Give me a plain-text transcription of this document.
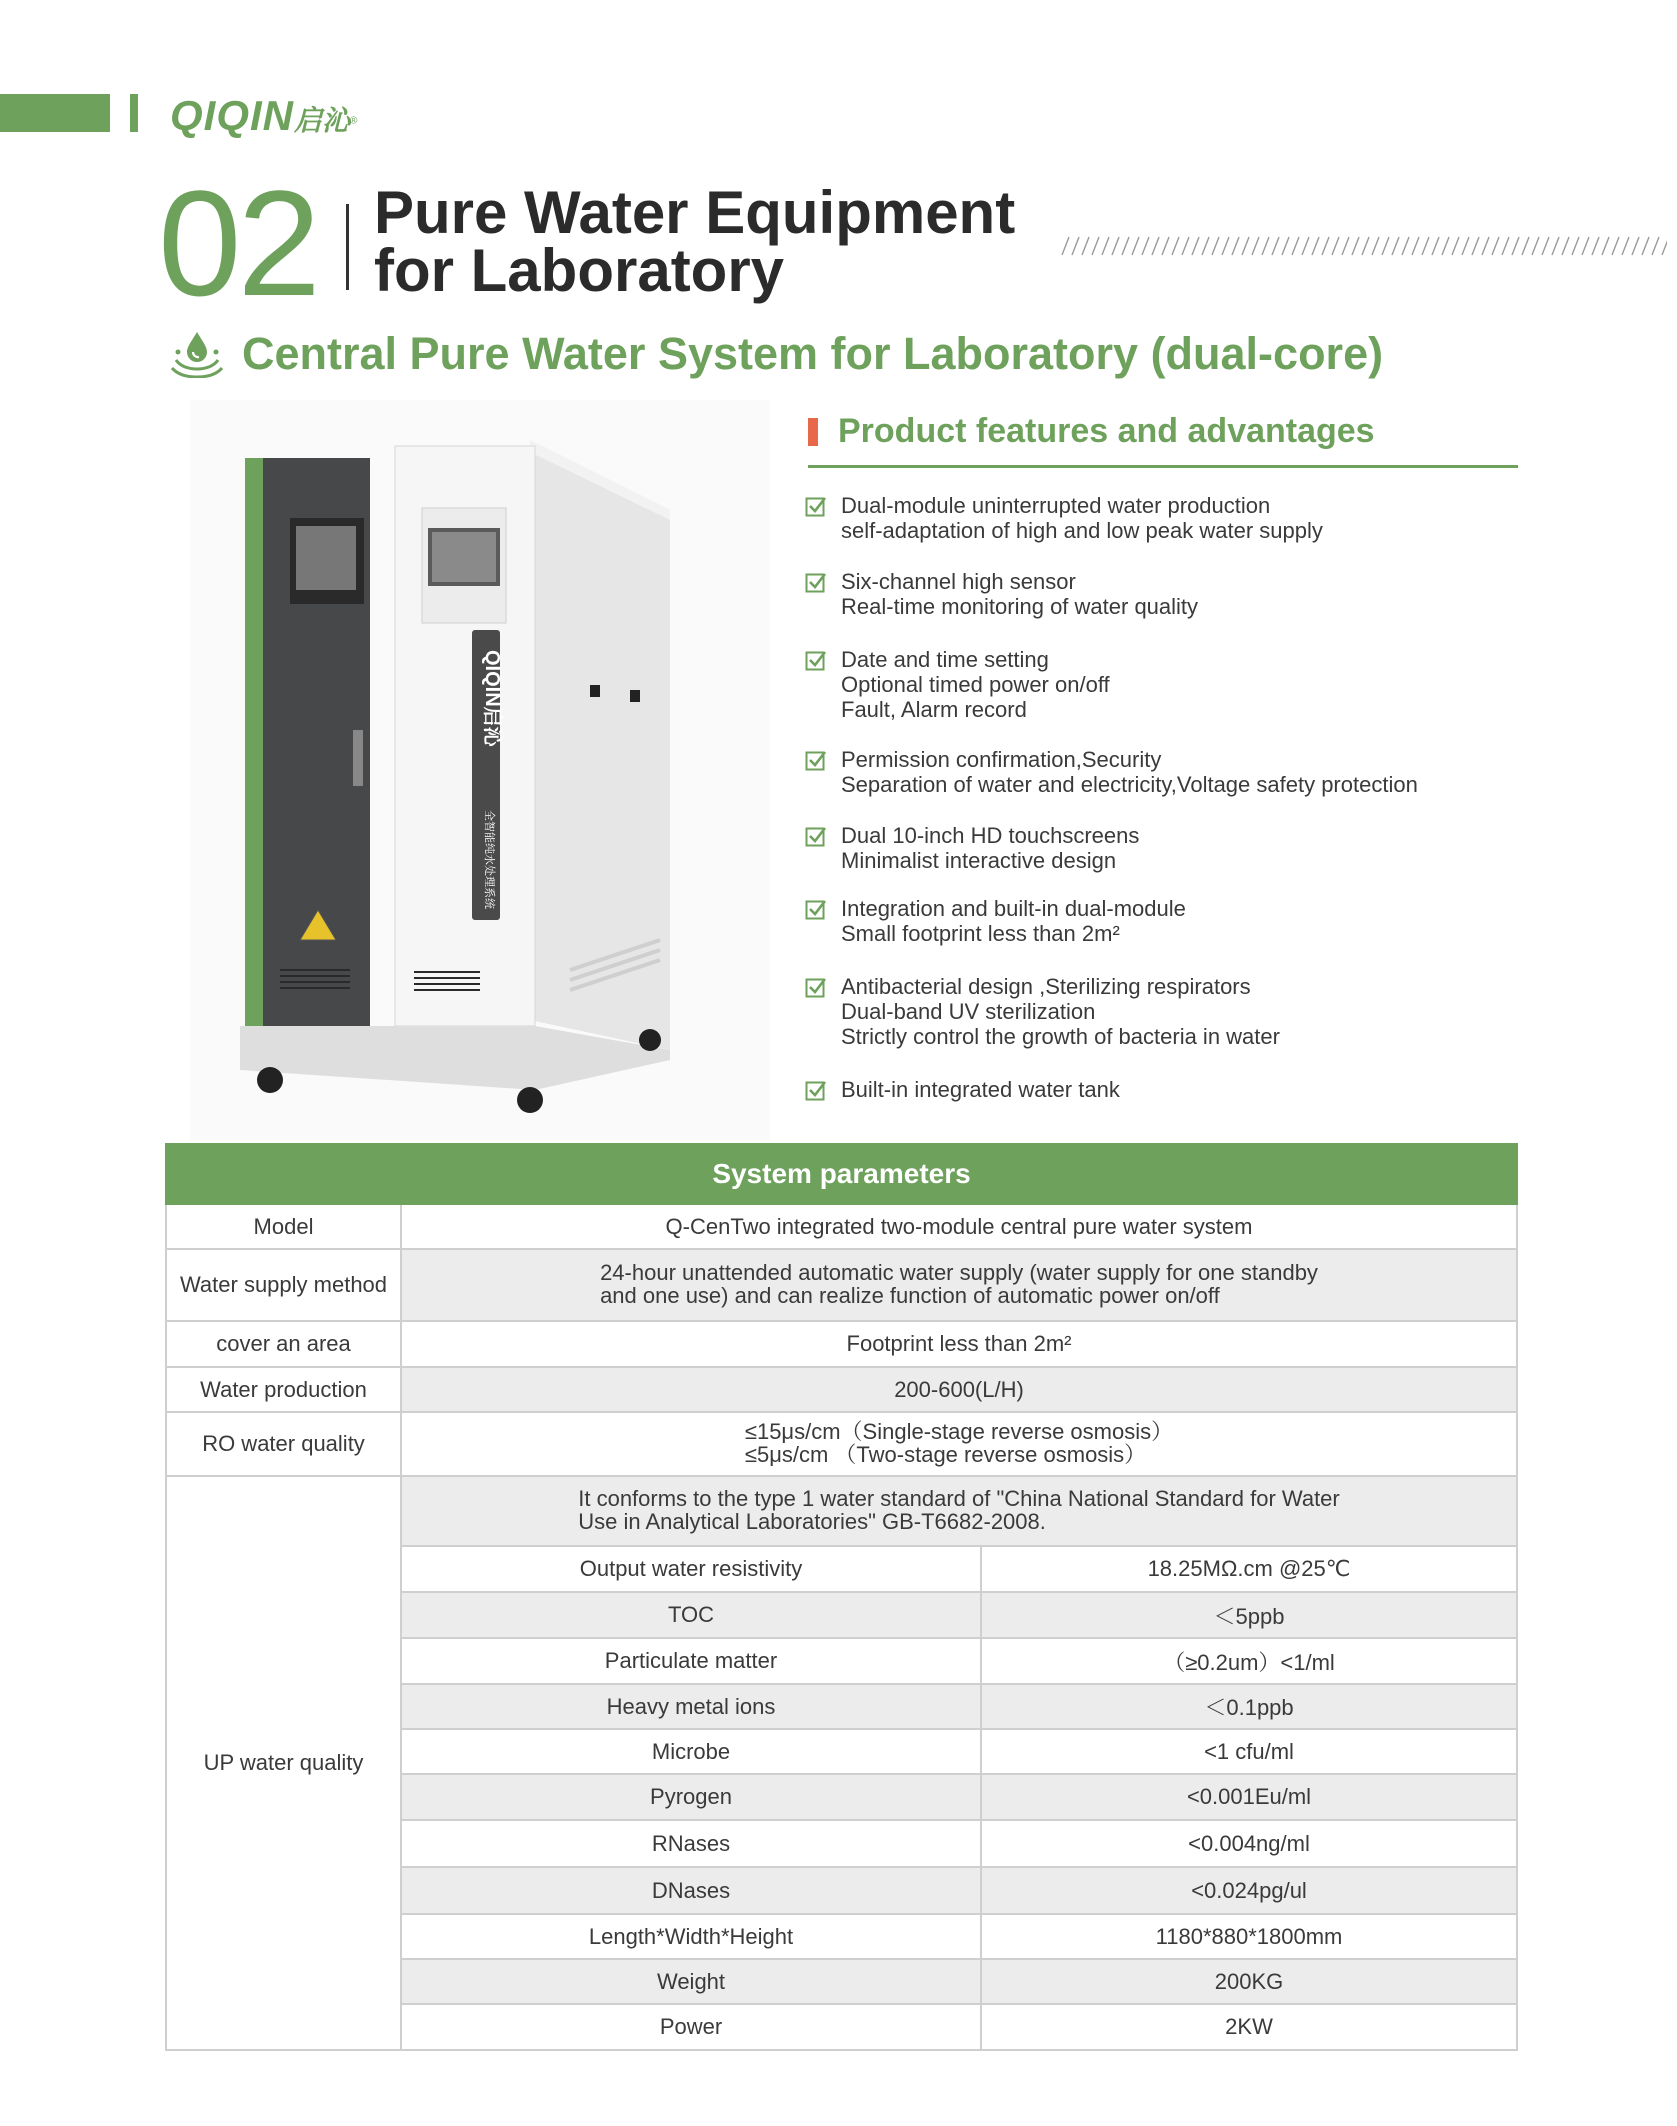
QIQIN启沁®
02 Pure Water Equipment
for Laboratory
Central Pure Water System for Laboratory (dual-core)
QIQIN启沁
全智能纯水处理系统
Product features and advantages
Dual-module uninterrupted water production
self-adaptation of high and low peak water supply
Six-channel high sensor
Real-time monitoring of water quality
Date and time setting
Optional timed power on/off
Fault, Alarm record
Permission confirmation,Security
Separation of water and electricity,Voltage safety protection
Dual 10-inch HD touchscreens
Minimalist interactive design
Integration and built-in dual-module
Small footprint less than 2m²
Antibacterial design ,Sterilizing respirators
Dual-band UV sterilization
Strictly control the growth of bacteria in water
Built-in integrated water tank
System parameters		
Model	Q-CenTwo integrated two-module central pure water system	
Water supply method	24-hour unattended automatic water supply (water supply for one standby
and one use) and can realize function of automatic power on/off	
cover an area	Footprint less than 2m²	
Water production	200-600(L/H)	
RO water quality	≤15μs/cm（Single-stage reverse osmosis）
≤5μs/cm （Two-stage reverse osmosis）	
UP water quality	It conforms to the type 1 water standard of "China National Standard for Water
Use in Analytical Laboratories" GB-T6682-2008.	
	Output water resistivity	18.25MΩ.cm @25℃
	TOC	＜5ppb
	Particulate matter	（≥0.2um）<1/ml
	Heavy metal ions	＜0.1ppb
	Microbe	<1 cfu/ml
	Pyrogen	<0.001Eu/ml
	RNases	<0.004ng/ml
	DNases	<0.024pg/ul
	Length*Width*Height	1180*880*1800mm
	Weight	200KG
	Power	2KW
